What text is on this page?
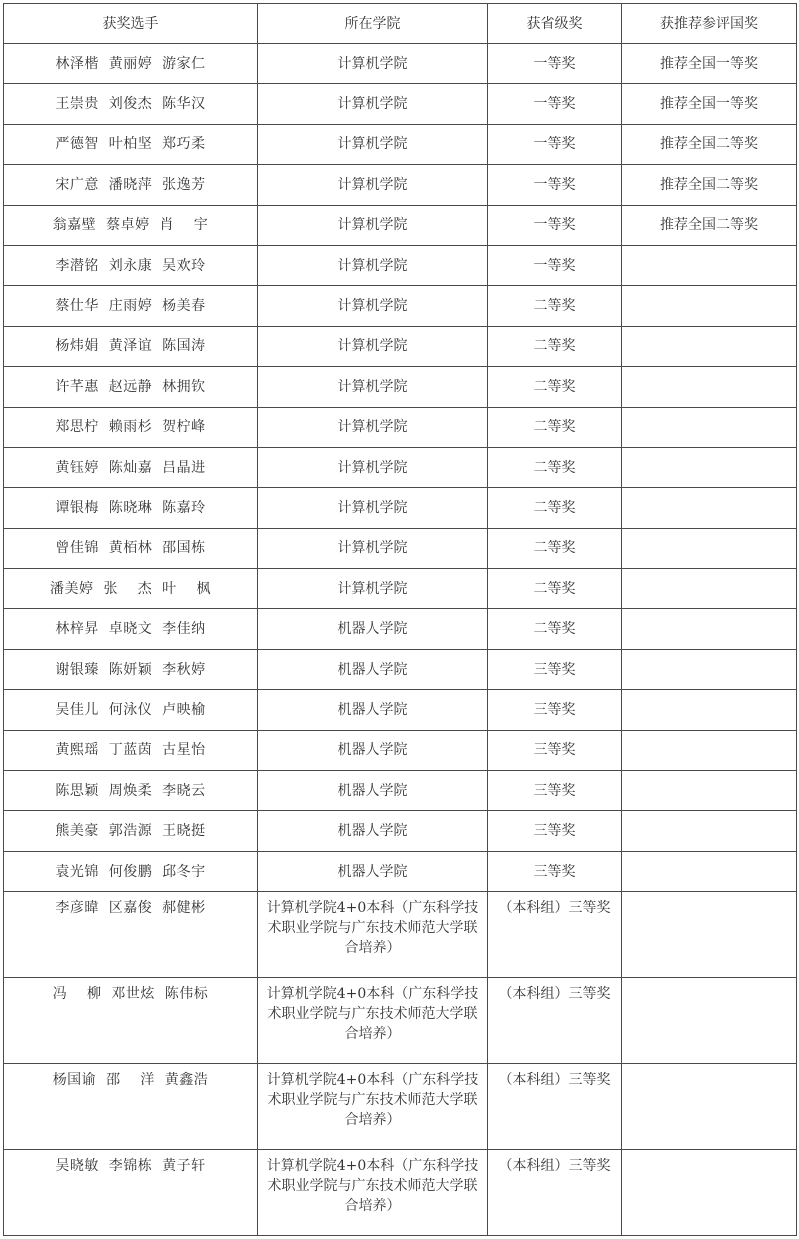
获奖选手	所在学院	获省级奖	获推荐参评国奖
林泽楷  黄丽婷  游家仁	计算机学院	一等奖	推荐全国一等奖
王崇贵  刘俊杰  陈华汉	计算机学院	一等奖	推荐全国一等奖
严德智  叶柏坚  郑巧柔	计算机学院	一等奖	推荐全国二等奖
宋广意  潘晓萍  张逸芳	计算机学院	一等奖	推荐全国二等奖
翁嘉壁  蔡卓婷  肖    宇	计算机学院	一等奖	推荐全国二等奖
李潜铭  刘永康  吴欢玲	计算机学院	一等奖	
蔡仕华  庄雨婷  杨美春	计算机学院	二等奖	
杨炜娟  黄泽谊  陈国涛	计算机学院	二等奖	
许芊惠  赵远静  林拥钦	计算机学院	二等奖	
郑思柠  赖雨杉  贺柠峰	计算机学院	二等奖	
黄钰婷  陈灿嘉  吕晶进	计算机学院	二等奖	
谭银梅  陈晓琳  陈嘉玲	计算机学院	二等奖	
曾佳锦  黄栢林  邵国栋	计算机学院	二等奖	
潘美婷  张    杰  叶    枫	计算机学院	二等奖	
林梓昇  卓晓文  李佳纳	机器人学院	二等奖	
谢银臻  陈妍颖  李秋婷	机器人学院	三等奖	
吴佳儿  何泳仪  卢映榆	机器人学院	三等奖	
黄熙瑶  丁蓝茵  古星怡	机器人学院	三等奖	
陈思颖  周焕柔  李晓云	机器人学院	三等奖	
熊美豪  郭浩源  王晓挺	机器人学院	三等奖	
袁光锦  何俊鹏  邱冬宇	机器人学院	三等奖	
李彦暐  区嘉俊  郝健彬	计算机学院4+0本科（广东科学技术职业学院与广东技术师范大学联合培养）	（本科组）三等奖	
冯    柳  邓世炫  陈伟标	计算机学院4+0本科（广东科学技术职业学院与广东技术师范大学联合培养）	（本科组）三等奖	
杨国谕  邵    洋  黄鑫浩	计算机学院4+0本科（广东科学技术职业学院与广东技术师范大学联合培养）	（本科组）三等奖	
吴晓敏  李锦栋  黄子轩	计算机学院4+0本科（广东科学技术职业学院与广东技术师范大学联合培养）	（本科组）三等奖	
